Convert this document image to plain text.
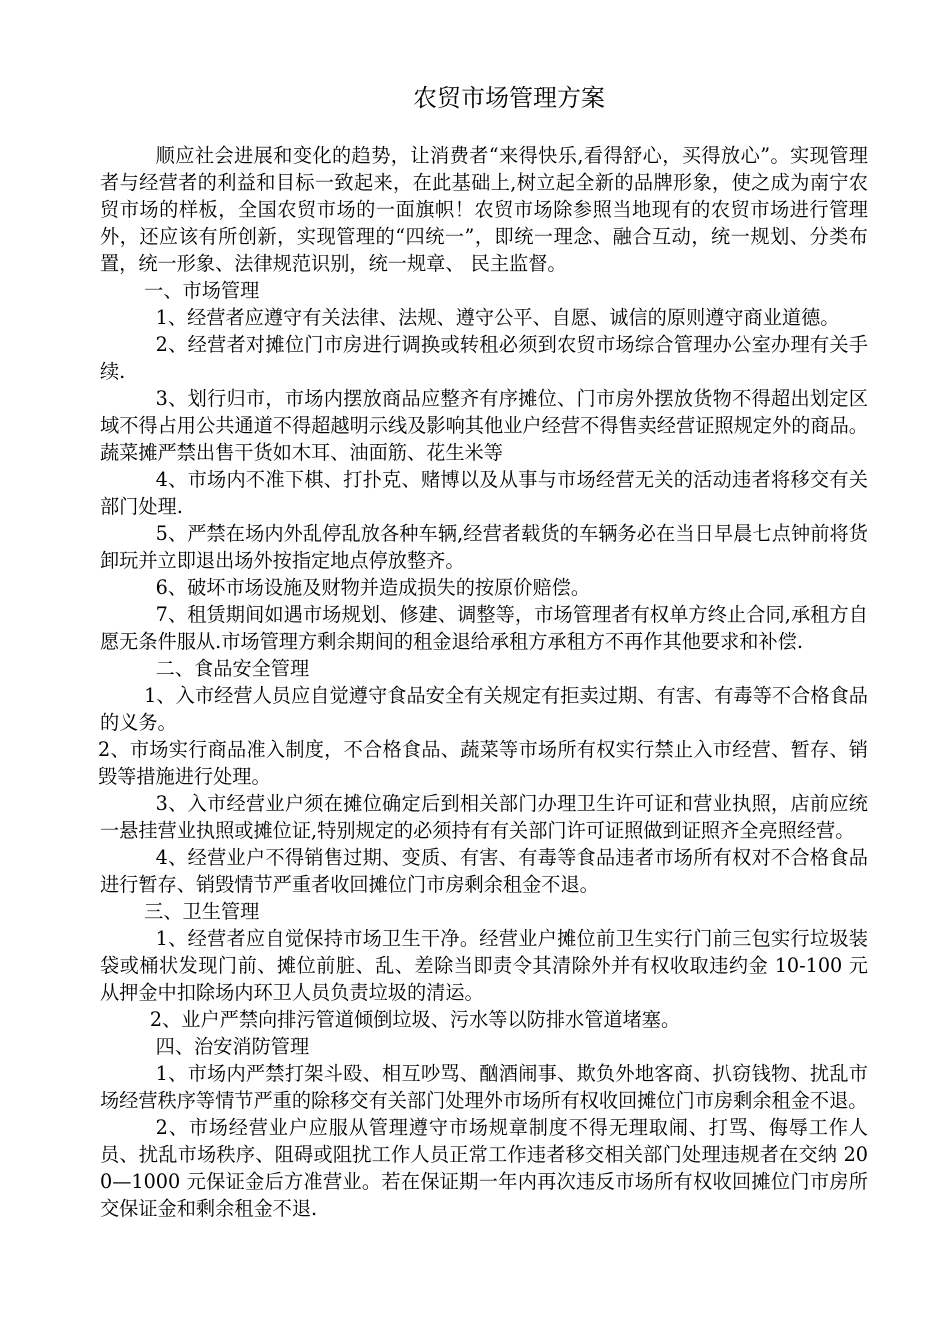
农贸市场管理方案

顺应社会进展和变化的趋势，让消费者“来得快乐,看得舒心，买得放心”。实现管理者与经营者的利益和目标一致起来，在此基础上,树立起全新的品牌形象，使之成为南宁农贸市场的样板，全国农贸市场的一面旗帜！农贸市场除参照当地现有的农贸市场进行管理外，还应该有所创新，实现管理的“四统一”，即统一理念、融合互动，统一规划、分类布置，统一形象、法律规范识别，统一规章、 民主监督。

一、市场管理

1、经营者应遵守有关法律、法规、遵守公平、自愿、诚信的原则遵守商业道德。

2、经营者对摊位门市房进行调换或转租必须到农贸市场综合管理办公室办理有关手续.

3、划行归市，市场内摆放商品应整齐有序摊位、门市房外摆放货物不得超出划定区域不得占用公共通道不得超越明示线及影响其他业户经营不得售卖经营证照规定外的商品。蔬菜摊严禁出售干货如木耳、油面筋、花生米等

4、市场内不准下棋、打扑克、赌博以及从事与市场经营无关的活动违者将移交有关部门处理.

5、严禁在场内外乱停乱放各种车辆,经营者载货的车辆务必在当日早晨七点钟前将货卸玩并立即退出场外按指定地点停放整齐。

6、破坏市场设施及财物并造成损失的按原价赔偿。

7、租赁期间如遇市场规划、修建、调整等，市场管理者有权单方终止合同,承租方自愿无条件服从.市场管理方剩余期间的租金退给承租方承租方不再作其他要求和补偿.

二、食品安全管理

1、入市经营人员应自觉遵守食品安全有关规定有拒卖过期、有害、有毒等不合格食品的义务。

2、市场实行商品准入制度，不合格食品、蔬菜等市场所有权实行禁止入市经营、暂存、销毁等措施进行处理。

3、入市经营业户须在摊位确定后到相关部门办理卫生许可证和营业执照，店前应统一悬挂营业执照或摊位证,特别规定的必须持有有关部门许可证照做到证照齐全亮照经营。

4、经营业户不得销售过期、变质、有害、有毒等食品违者市场所有权对不合格食品进行暂存、销毁情节严重者收回摊位门市房剩余租金不退。

三、卫生管理

1、经营者应自觉保持市场卫生干净。经营业户摊位前卫生实行门前三包实行垃圾装袋或桶状发现门前、摊位前脏、乱、差除当即责令其清除外并有权收取违约金 10-100 元从押金中扣除场内环卫人员负责垃圾的清运。

2、业户严禁向排污管道倾倒垃圾、污水等以防排水管道堵塞。

四、治安消防管理

1、市场内严禁打架斗殴、相互吵骂、酗酒闹事、欺负外地客商、扒窃钱物、扰乱市场经营秩序等情节严重的除移交有关部门处理外市场所有权收回摊位门市房剩余租金不退。

2、市场经营业户应服从管理遵守市场规章制度不得无理取闹、打骂、侮辱工作人员、扰乱市场秩序、阻碍或阻扰工作人员正常工作违者移交相关部门处理违规者在交纳 200—1000 元保证金后方准营业。若在保证期一年内再次违反市场所有权收回摊位门市房所交保证金和剩余租金不退.
